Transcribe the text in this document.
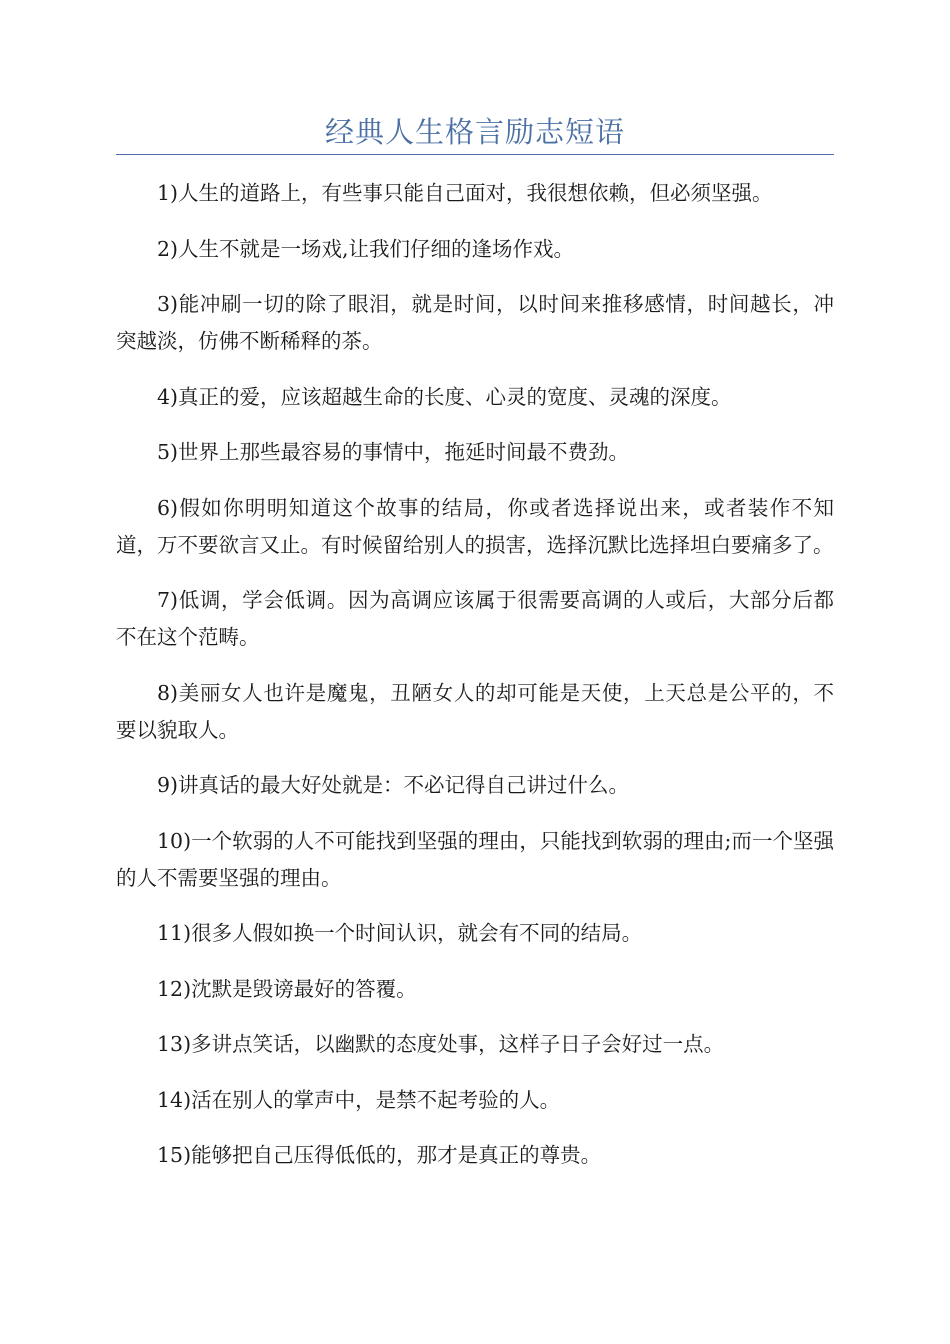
经典人生格言励志短语

1)人生的道路上，有些事只能自己面对，我很想依赖，但必须坚强。

2)人生不就是一场戏,让我们仔细的逢场作戏。

3)能冲刷一切的除了眼泪，就是时间，以时间来推移感情，时间越长，冲突越淡，仿佛不断稀释的茶。

4)真正的爱，应该超越生命的长度、心灵的宽度、灵魂的深度。

5)世界上那些最容易的事情中，拖延时间最不费劲。

6)假如你明明知道这个故事的结局，你或者选择说出来，或者装作不知道，万不要欲言又止。有时候留给别人的损害，选择沉默比选择坦白要痛多了。

7)低调，学会低调。因为高调应该属于很需要高调的人或后，大部分后都不在这个范畴。

8)美丽女人也许是魔鬼，丑陋女人的却可能是天使，上天总是公平的，不要以貌取人。

9)讲真话的最大好处就是：不必记得自己讲过什么。

10)一个软弱的人不可能找到坚强的理由，只能找到软弱的理由;而一个坚强的人不需要坚强的理由。

11)很多人假如换一个时间认识，就会有不同的结局。

12)沈默是毁谤最好的答覆。

13)多讲点笑话，以幽默的态度处事，这样子日子会好过一点。

14)活在别人的掌声中，是禁不起考验的人。

15)能够把自己压得低低的，那才是真正的尊贵。
